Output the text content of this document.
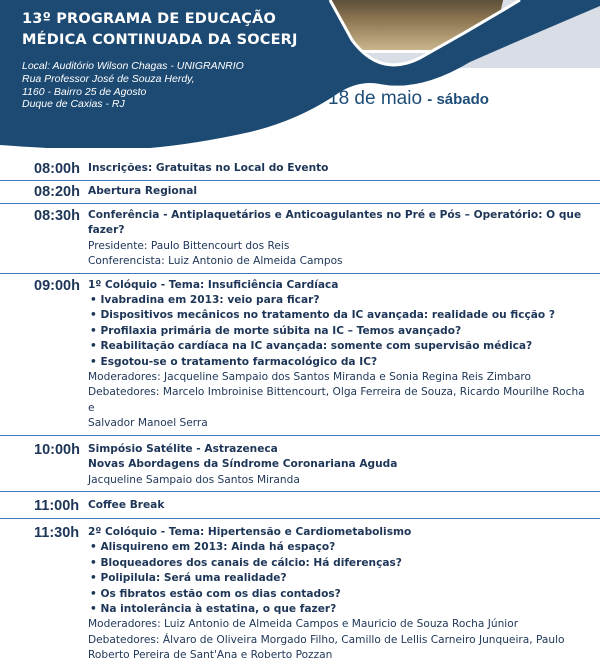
13º PROGRAMA DE EDUCAÇÃO
MÉDICA CONTINUADA DA SOCERJ
Local: Auditório Wilson Chagas - UNIGRANRIO
Rua Professor José de Souza Herdy,
1160 - Bairro 25 de Agosto
Duque de Caxias - RJ	18 de maio - sábado
08:00h Inscrições: Gratuitas no Local do Evento
08:20h Abertura Regional
08:30h Conferência - Antiplaquetários e Anticoagulantes no Pré e Pós – Operatório: O que fazer?
Presidente: Paulo Bittencourt dos Reis
Conferencista: Luiz Antonio de Almeida Campos
09:00h 1º Colóquio - Tema: Insuficiência Cardíaca
• Ivabradina em 2013: veio para ficar?
• Dispositivos mecânicos no tratamento da IC avançada: realidade ou ficção ?
• Profilaxia primária de morte súbita na IC – Temos avançado?
• Reabilitação cardíaca na IC avançada: somente com supervisão médica?
• Esgotou-se o tratamento farmacológico da IC?
Moderadores: Jacqueline Sampaio dos Santos Miranda e Sonia Regina Reis Zimbaro
Debatedores: Marcelo Imbroinise Bittencourt, Olga Ferreira de Souza, Ricardo Mourilhe Rocha e
Salvador Manoel Serra
10:00h Simpósio Satélite - Astrazeneca
Novas Abordagens da Síndrome Coronariana Aguda
Jacqueline Sampaio dos Santos Miranda
11:00h Coffee Break
11:30h 2º Colóquio - Tema: Hipertensão e Cardiometabolismo
• Alisquireno em 2013: Ainda há espaço?
• Bloqueadores dos canais de cálcio: Há diferenças?
• Polipilula: Será uma realidade?
• Os fibratos estão com os dias contados?
• Na intolerância à estatina, o que fazer?
Moderadores: Luiz Antonio de Almeida Campos e Mauricio de Souza Rocha Júnior
Debatedores: Álvaro de Oliveira Morgado Filho, Camillo de Lellis Carneiro Junqueira, Paulo
Roberto Pereira de Sant'Ana e Roberto Pozzan
